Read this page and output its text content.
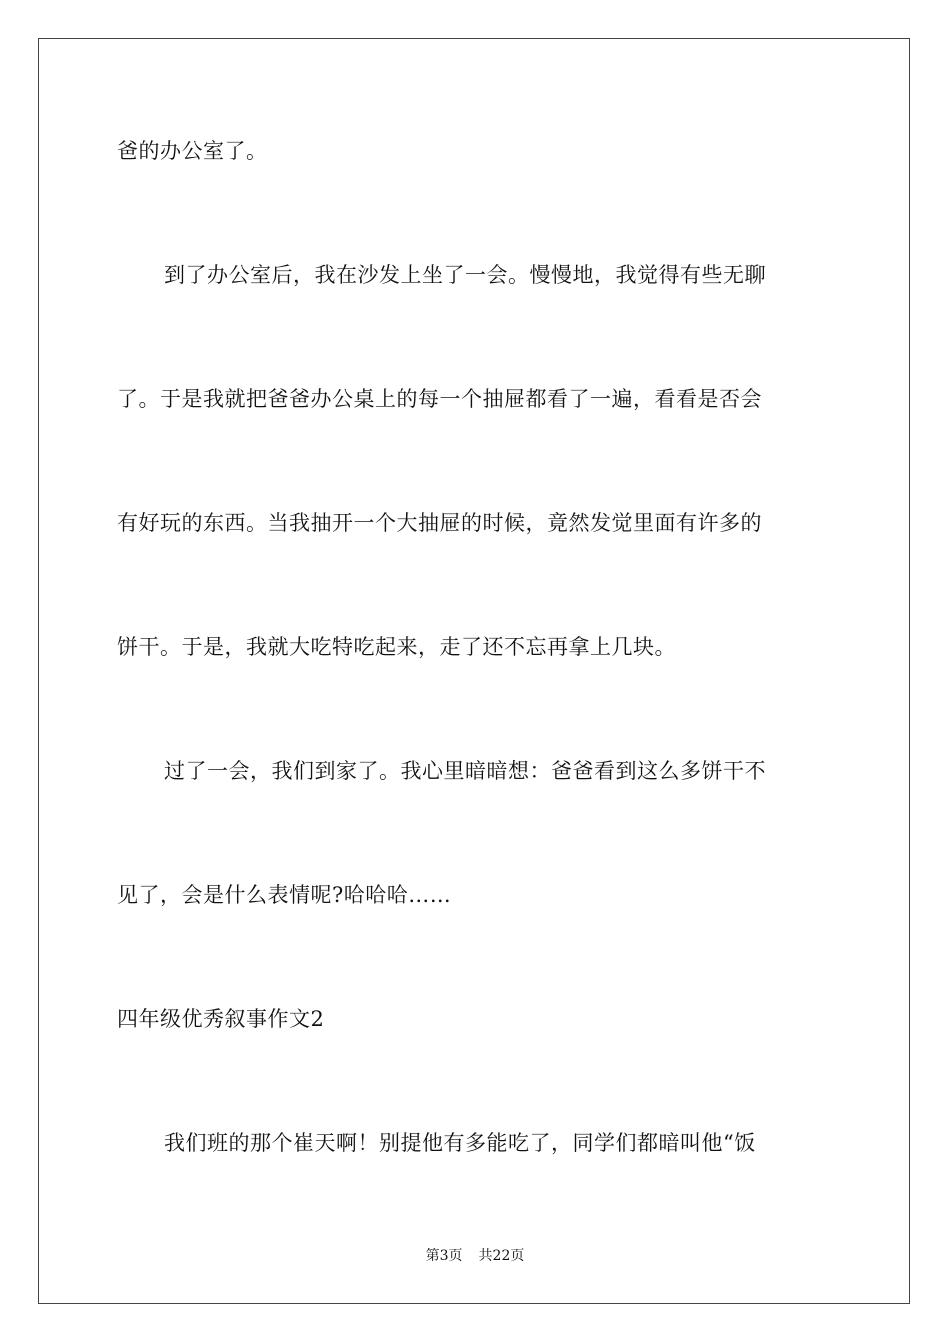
爸的办公室了。
到了办公室后，我在沙发上坐了一会。慢慢地，我觉得有些无聊
了。于是我就把爸爸办公桌上的每一个抽屉都看了一遍，看看是否会
有好玩的东西。当我抽开一个大抽屉的时候，竟然发觉里面有许多的
饼干。于是，我就大吃特吃起来，走了还不忘再拿上几块。
过了一会，我们到家了。我心里暗暗想：爸爸看到这么多饼干不
见了，会是什么表情呢?哈哈哈……
四年级优秀叙事作文2
我们班的那个崔天啊！别提他有多能吃了，同学们都暗叫他“饭
第3页 共22页
